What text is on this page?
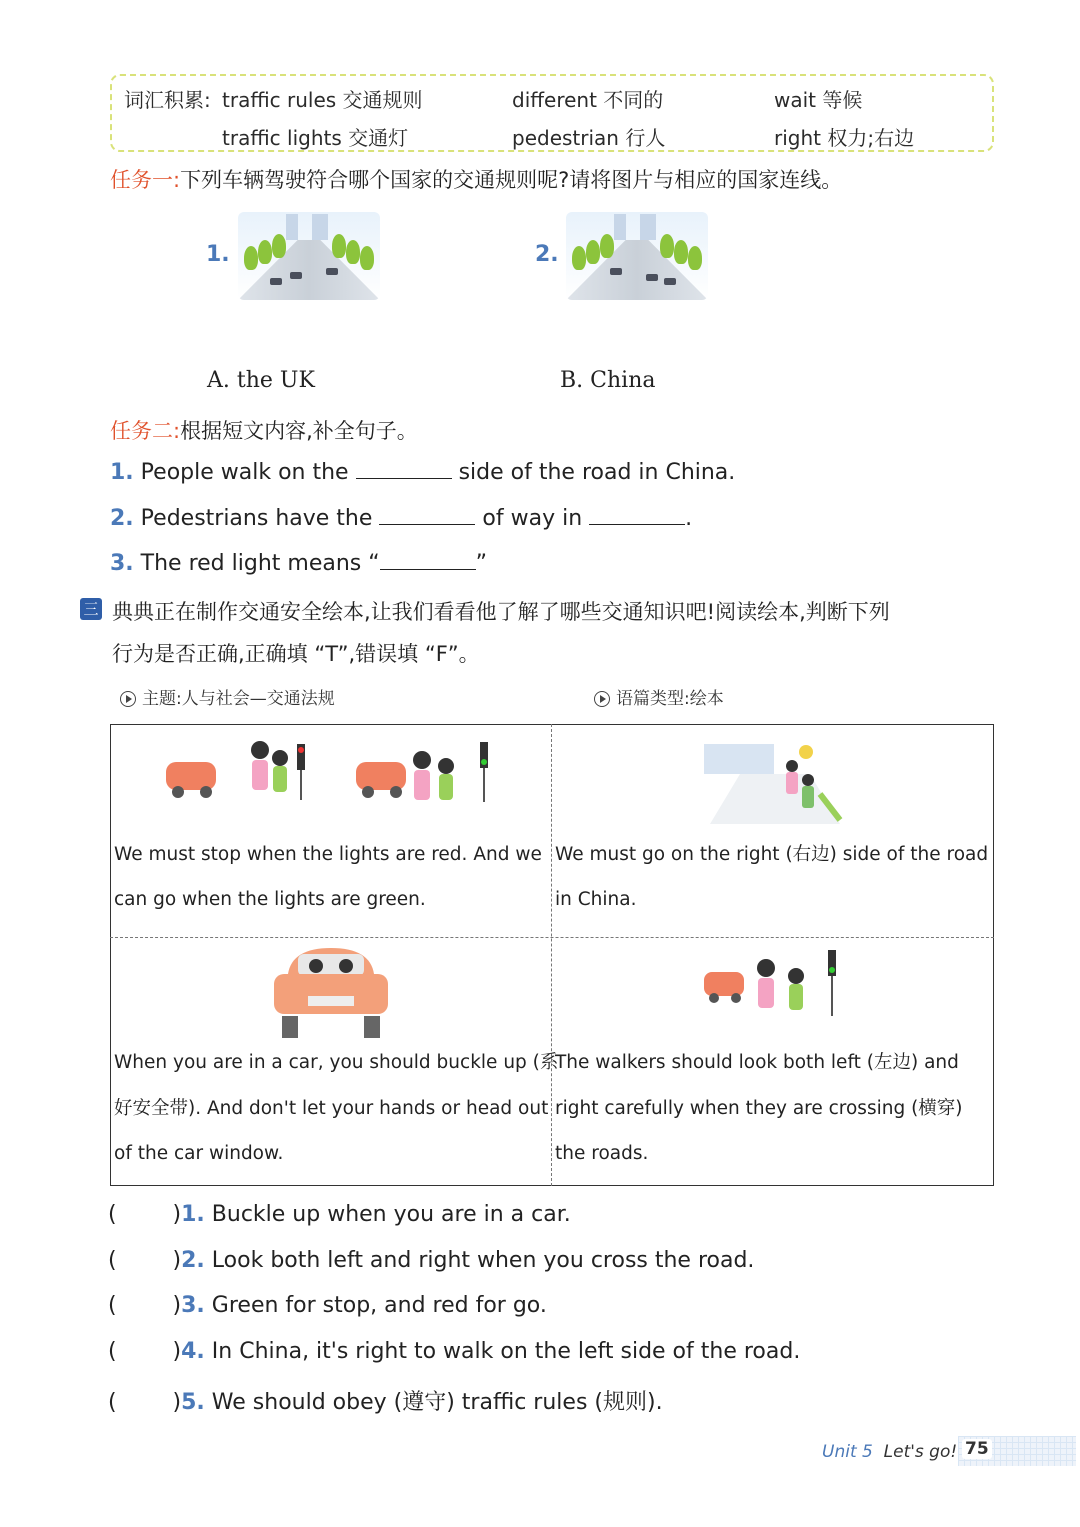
词汇积累: traffic rules 交通规则	different 不同的	wait 等候
traffic lights 交通灯	pedestrian 行人	right 权力;右边
任务一:下列车辆驾驶符合哪个国家的交通规则呢?请将图片与相应的国家连线。
1.	2.
A. the UK	B. China
任务二:根据短文内容,补全句子。
1. People walk on the	side of the road in China.
2. Pedestrians have the	of way in	.
3. The red light means “	”
三 典典正在制作交通安全绘本,让我们看看他了解了哪些交通知识吧!阅读绘本,判断下列
行为是否正确,正确填 “T”,错误填 “F”。
主题:人与社会—交通法规	语篇类型:绘本
We must stop when the lights are red. And we
can go when the lights are green.
We must go on the right (右边) side of the road
in China.
When you are in a car, you should buckle up (系
好安全带). And don't let your hands or head out
of the car window.
The walkers should look both left (左边) and
right carefully when they are crossing (横穿)
the roads.
(        )1. Buckle up when you are in a car.
(        )2. Look both left and right when you cross the road.
(        )3. Green for stop, and red for go.
(        )4. In China, it's right to walk on the left side of the road.
(        )5. We should obey (遵守) traffic rules (规则).
Unit 5 Let's go! 75
